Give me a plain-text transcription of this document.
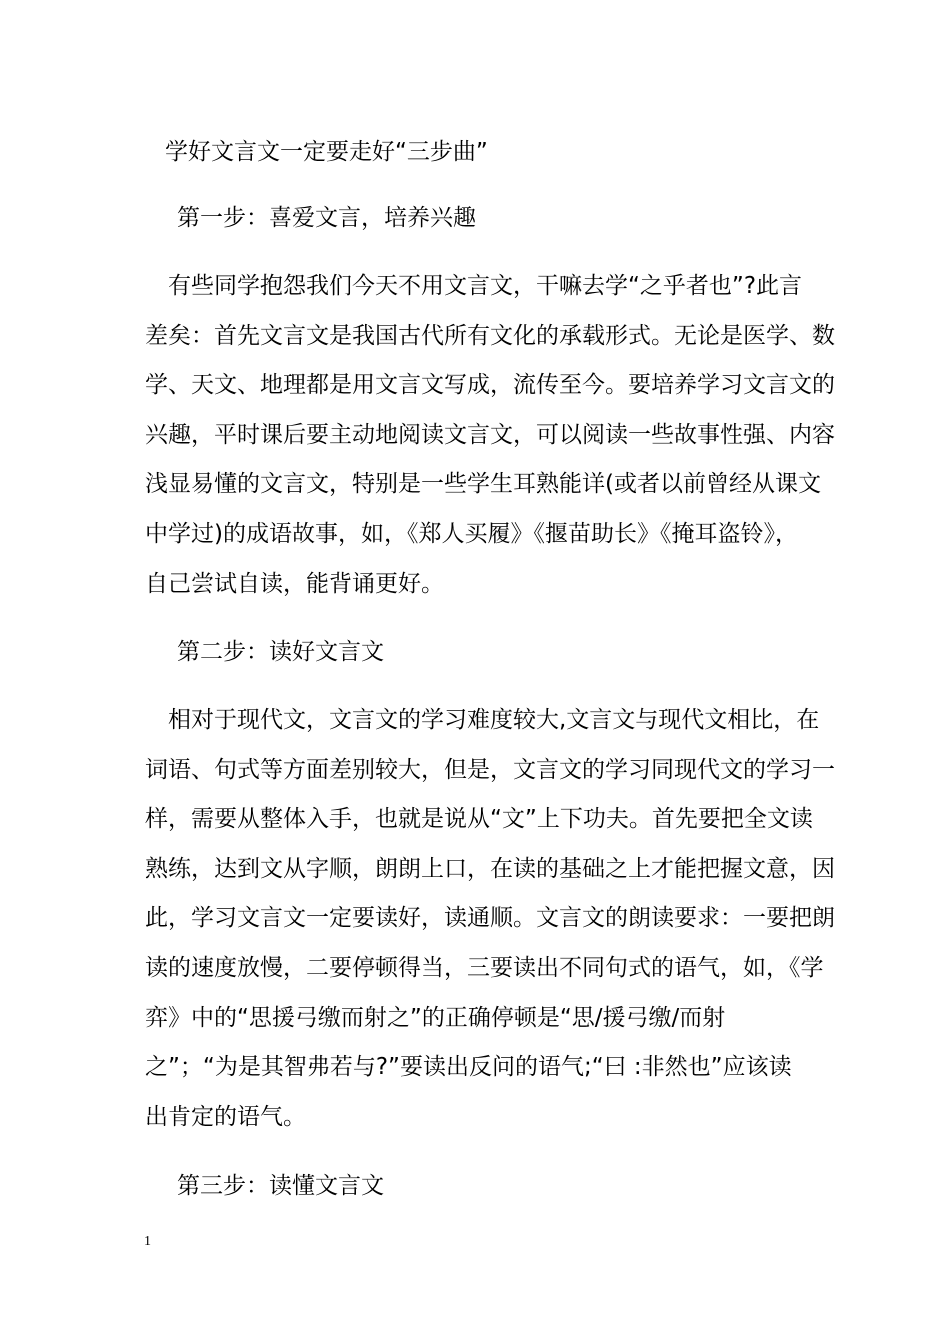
学好文言文一定要走好“三步曲”
第一步：喜爱文言，培养兴趣
　有些同学抱怨我们今天不用文言文，干嘛去学“之乎者也”?此言
差矣：首先文言文是我国古代所有文化的承载形式。无论是医学、数
学、天文、地理都是用文言文写成，流传至今。要培养学习文言文的
兴趣，平时课后要主动地阅读文言文，可以阅读一些故事性强、内容
浅显易懂的文言文，特别是一些学生耳熟能详(或者以前曾经从课文
中学过)的成语故事，如，《郑人买履》《揠苗助长》《掩耳盗铃》，
自己尝试自读，能背诵更好。
第二步：读好文言文
　相对于现代文，文言文的学习难度较大,文言文与现代文相比，在
词语、句式等方面差别较大，但是，文言文的学习同现代文的学习一
样，需要从整体入手，也就是说从“文”上下功夫。首先要把全文读
熟练，达到文从字顺，朗朗上口，在读的基础之上才能把握文意，因
此，学习文言文一定要读好，读通顺。文言文的朗读要求：一要把朗
读的速度放慢，二要停顿得当，三要读出不同句式的语气，如，《学
弈》中的“思援弓缴而射之”的正确停顿是“思/援弓缴/而射
之”；“为是其智弗若与?”要读出反问的语气;“曰 :非然也”应该读
出肯定的语气。
第三步：读懂文言文
1
